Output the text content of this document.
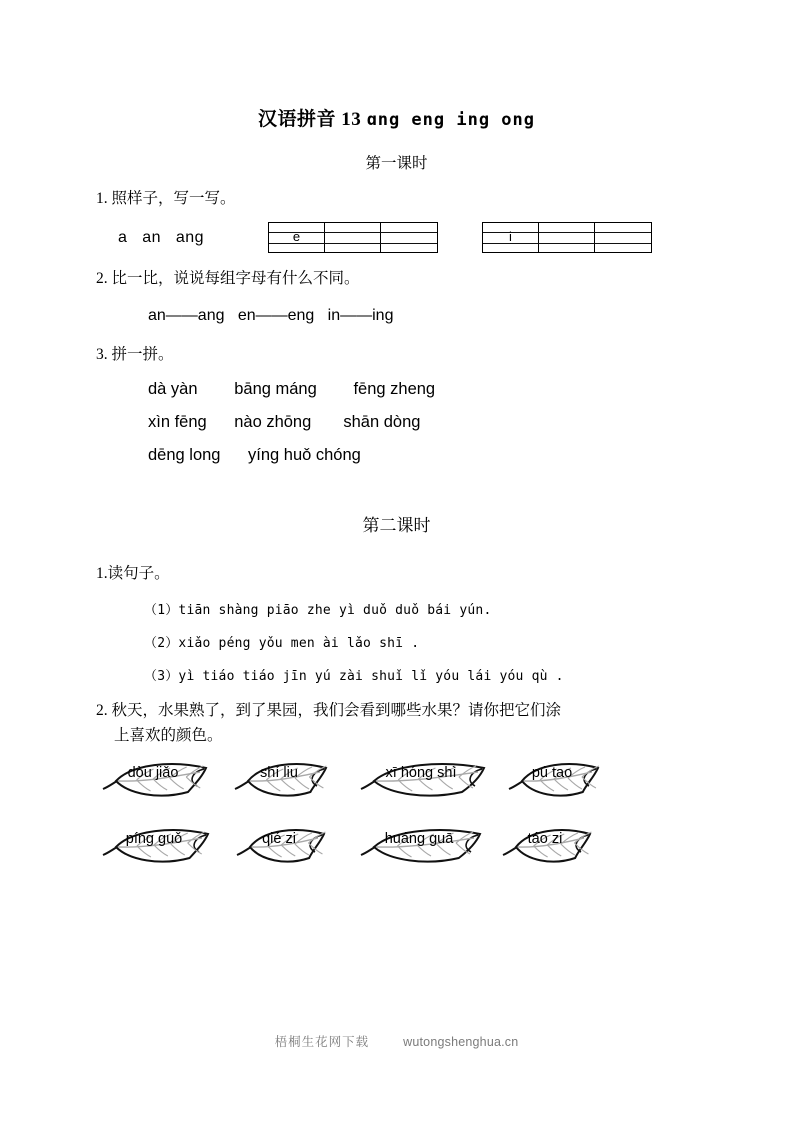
汉语拼音 13 ɑng eng ing ong
第一课时
1. 照样子，写一写。
a   an   ang	e	i
2. 比一比，说说每组字母有什么不同。
an——ang   en——eng   in——ing
3. 拼一拼。
dà yàn        bāng máng        fēng zheng
xìn fēng      nào zhōng       shān dòng
dēng long      yíng huǒ chóng
第二课时
1.读句子。
（1）tiān shàng piāo zhe yì duǒ duǒ bái yún.
（2）xiǎo péng yǒu men ài lǎo shī .
（3）yì tiáo tiáo jīn yú zài shuǐ lǐ yóu lái yóu qù .
2. 秋天，水果熟了，到了果园，我们会看到哪些水果？请你把它们涂
上喜欢的颜色。
dòu jiǎo	shí liu	xī hóng shì	pú tao
píng guǒ	qié zi	huáng guā	táo zi
梧桐生花网下载	wutongshenghua.cn
